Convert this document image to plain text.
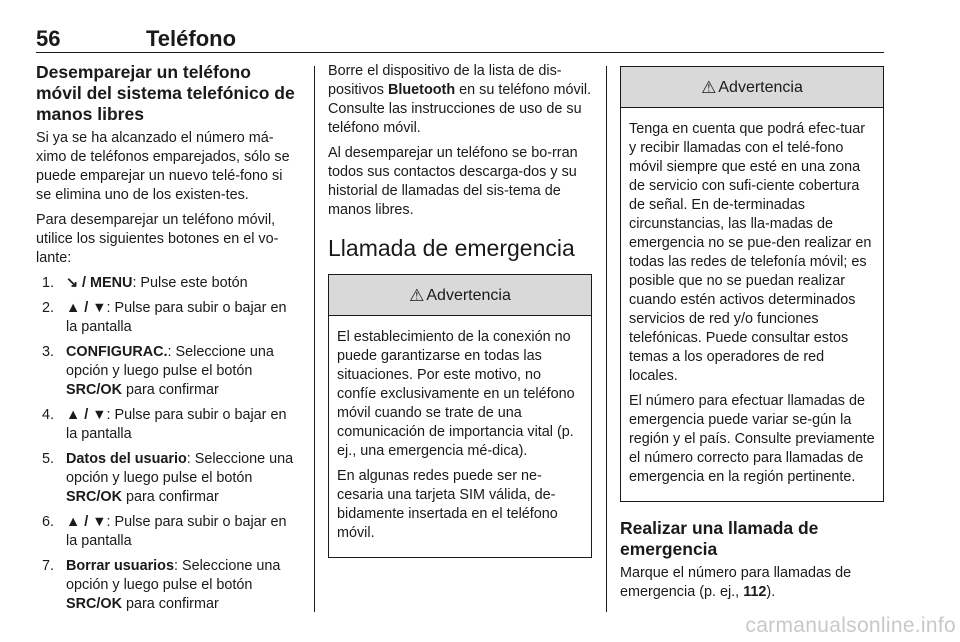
56	Teléfono
Desemparejar un teléfono móvil del sistema telefónico de manos libres

Si ya se ha alcanzado el número má-ximo de teléfonos emparejados, sólo se puede emparejar un nuevo telé-fono si se elimina uno de los existen-tes.

Para desemparejar un teléfono móvil, utilice los siguientes botones en el vo-lante:

1. ↘ / MENU: Pulse este botón
2. ▲ / ▼: Pulse para subir o bajar en la pantalla
3. CONFIGURAC.: Seleccione una opción y luego pulse el botón SRC/OK para confirmar
4. ▲ / ▼: Pulse para subir o bajar en la pantalla
5. Datos del usuario: Seleccione una opción y luego pulse el botón SRC/OK para confirmar
6. ▲ / ▼: Pulse para subir o bajar en la pantalla
7. Borrar usuarios: Seleccione una opción y luego pulse el botón SRC/OK para confirmar

Borre el dispositivo de la lista de dis-positivos Bluetooth en su teléfono móvil. Consulte las instrucciones de uso de su teléfono móvil.

Al desemparejar un teléfono se bo-rran todos sus contactos descarga-dos y su historial de llamadas del sis-tema de manos libres.

Llamada de emergencia
⚠ Advertencia

El establecimiento de la conexión no puede garantizarse en todas las situaciones. Por este motivo, no confíe exclusivamente en un teléfono móvil cuando se trate de una comunicación de importancia vital (p. ej., una emergencia mé-dica).

En algunas redes puede ser ne-cesaria una tarjeta SIM válida, de-bidamente insertada en el teléfono móvil.

⚠ Advertencia

Tenga en cuenta que podrá efec-tuar y recibir llamadas con el telé-fono móvil siempre que esté en una zona de servicio con sufi-ciente cobertura de señal. En de-terminadas circunstancias, las lla-madas de emergencia no se pue-den realizar en todas las redes de telefonía móvil; es posible que no se puedan realizar cuando estén activos determinados servicios de red y/o funciones telefónicas. Puede consultar estos temas a los operadores de red locales.

El número para efectuar llamadas de emergencia puede variar se-gún la región y el país. Consulte previamente el número correcto para llamadas de emergencia en la región pertinente.

Realizar una llamada de emergencia

Marque el número para llamadas de emergencia (p. ej., 112).

carmanualsonline.info
